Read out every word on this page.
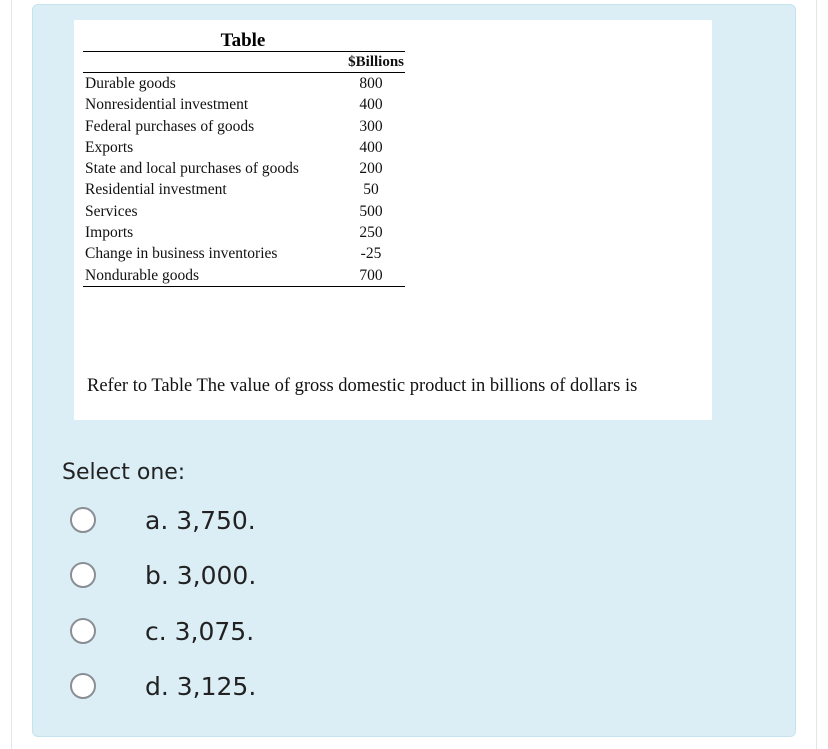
Table
$Billions
Durable goods	800
Nonresidential investment	400
Federal purchases of goods	300
Exports	400
State and local purchases of goods	200
Residential investment	50
Services	500
Imports	250
Change in business inventories	-25
Nondurable goods	700
Refer to Table The value of gross domestic product in billions of dollars is
Select one:
a. 3,750.
b. 3,000.
c. 3,075.
d. 3,125.
